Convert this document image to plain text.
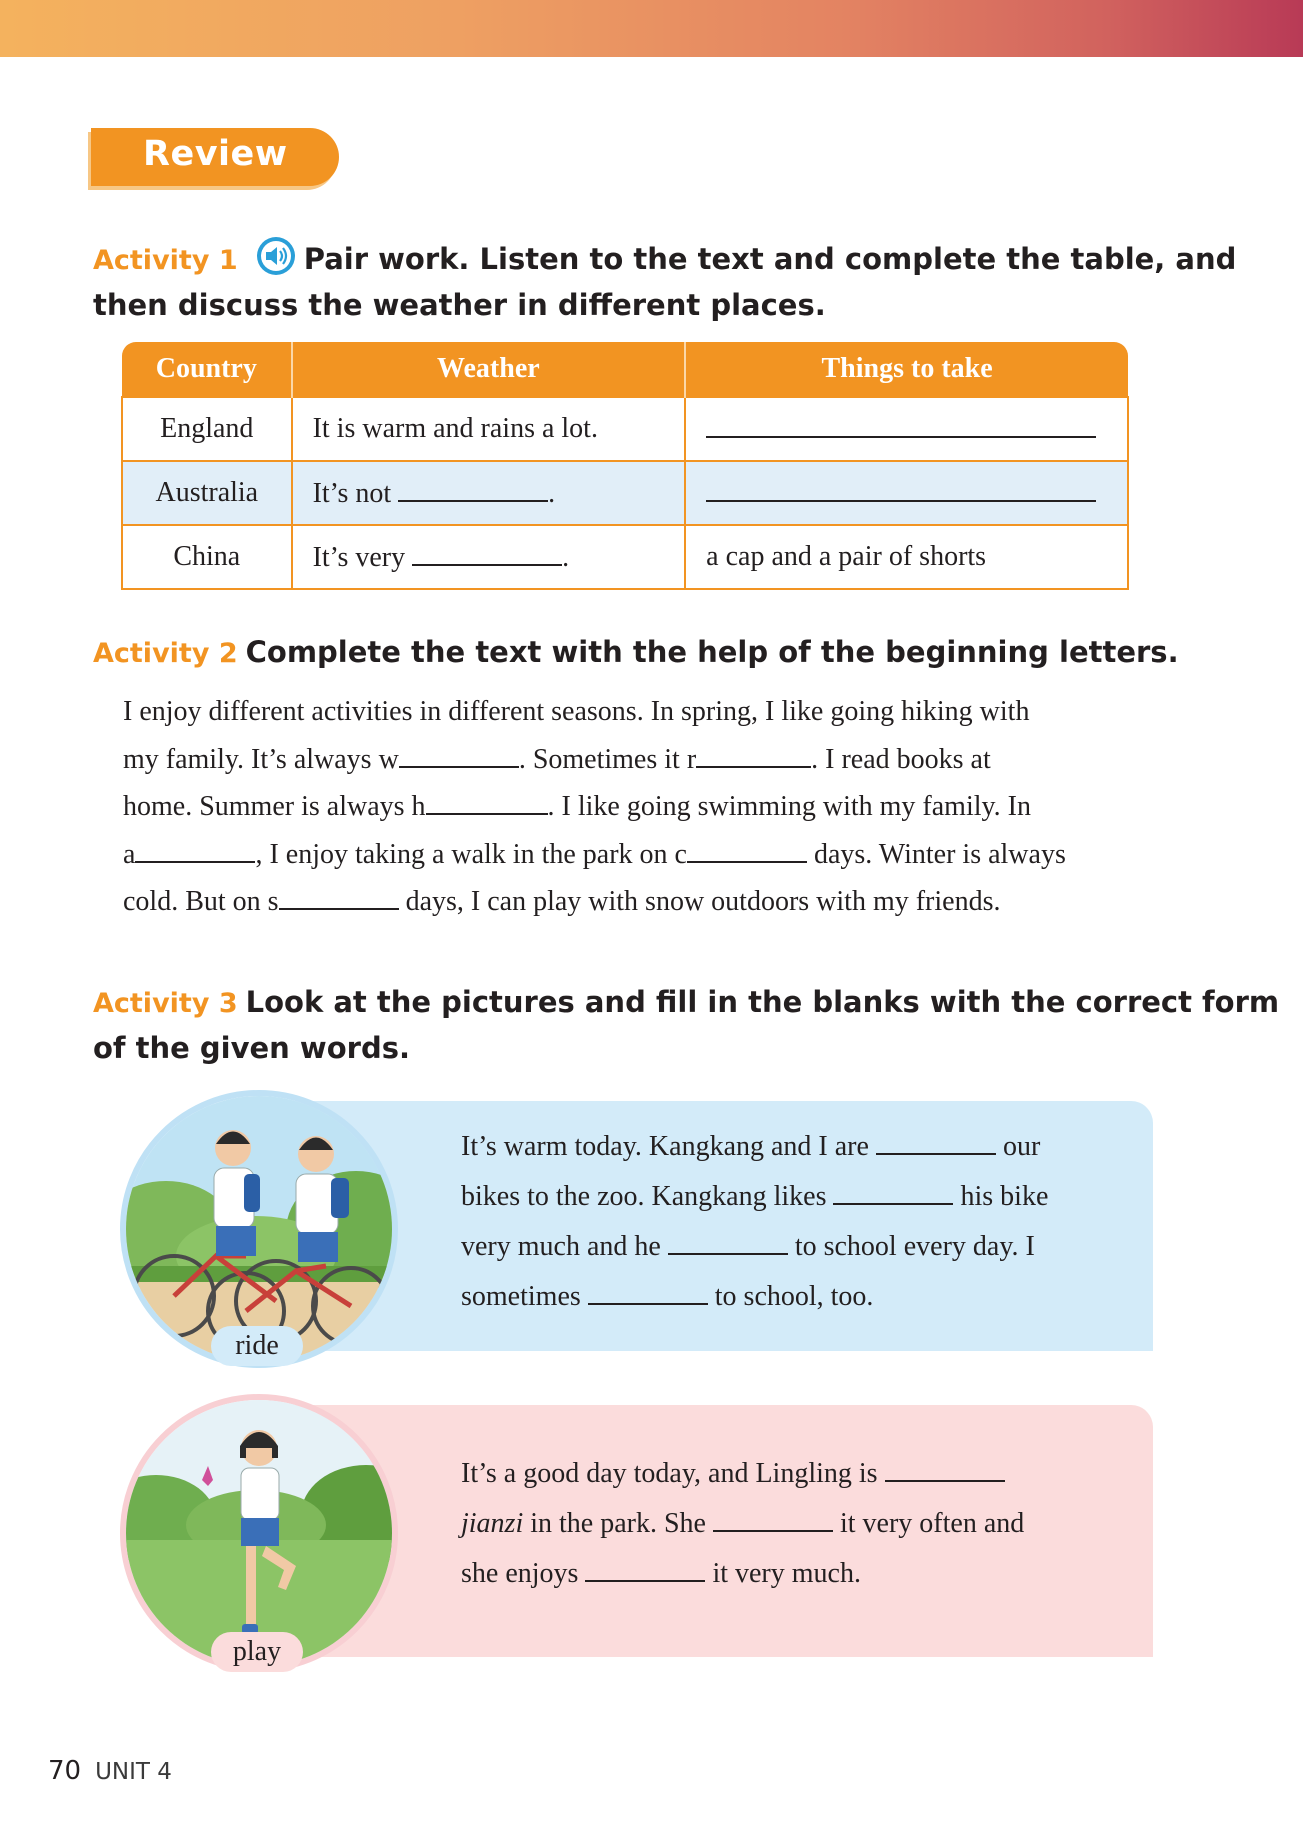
Review
Activity 1 Pair work. Listen to the text and complete the table, and
then discuss the weather in different places.
Country	Weather	Things to take
England	It is warm and rains a lot.	
Australia	It’s not .	
China	It’s very .	a cap and a pair of shorts
Activity 2 Complete the text with the help of the beginning letters.

I enjoy different activities in different seasons. In spring, I like going hiking with

my family. It’s always w	. Sometimes it r	. I read books at

home. Summer is always h	. I like going swimming with my family. In

a	, I enjoy taking a walk in the park on c	days. Winter is always

cold. But on s	days, I can play with snow outdoors with my friends.

Activity 3 Look at the pictures and fill in the blanks with the correct form
of the given words.
ride

It’s warm today. Kangkang and I are	our

bikes to the zoo. Kangkang likes	his bike

very much and he	to school every day. I

sometimes	to school, too.

play

It’s a good day today, and Lingling is

jianzi in the park. She	it very often and

she enjoys	it very much.

70 UNIT 4
